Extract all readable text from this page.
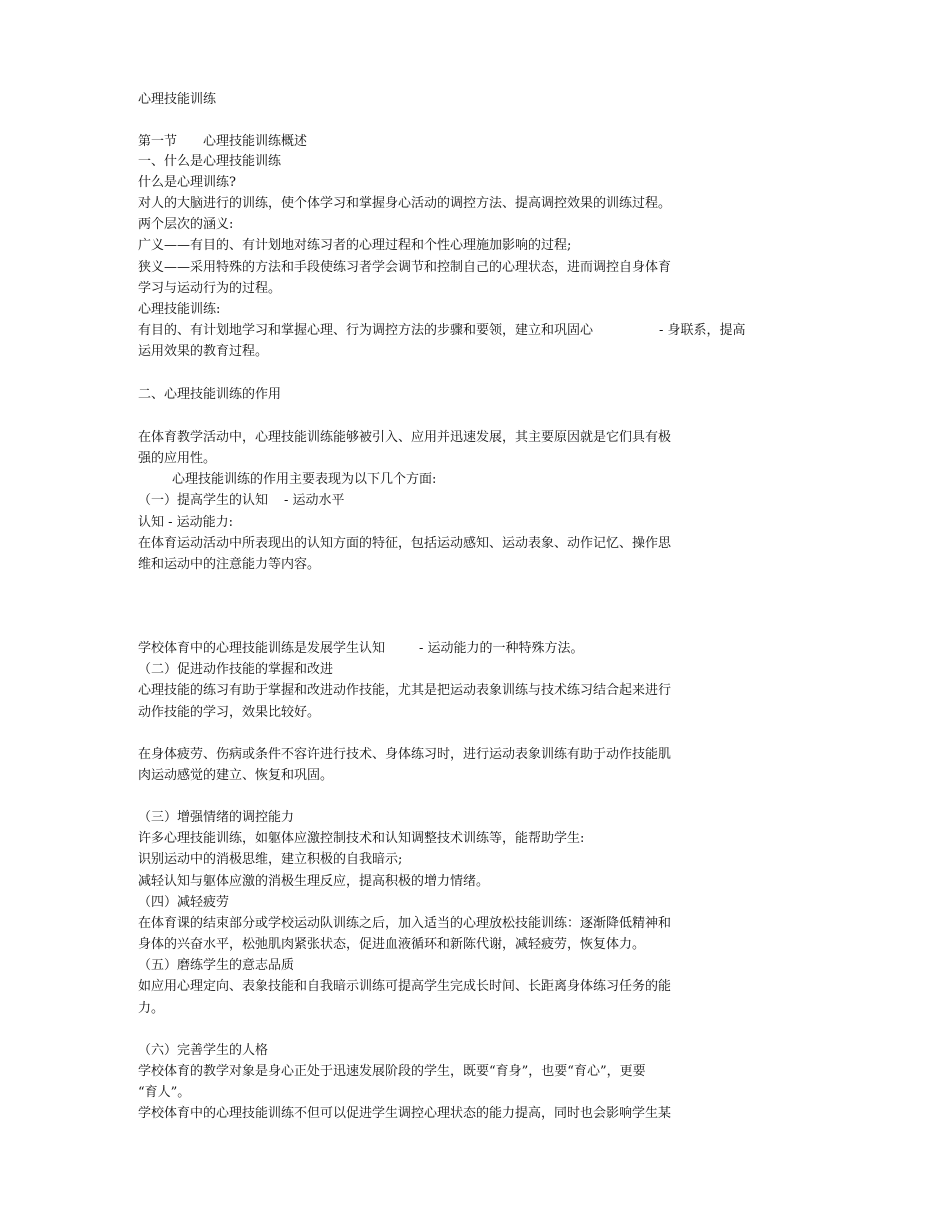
心理技能训练

第一节 心理技能训练概述

一、什么是心理技能训练

什么是心理训练?

对人的大脑进行的训练，使个体学习和掌握身心活动的调控方法、提高调控效果的训练过程。

两个层次的涵义:

广义——有目的、有计划地对练习者的心理过程和个性心理施加影响的过程;

狭义——采用特殊的方法和手段使练习者学会调节和控制自己的心理状态，进而调控自身体育

学习与运动行为的过程。

心理技能训练:

有目的、有计划地学习和掌握心理、行为调控方法的步骤和要领，建立和巩固心	- 身联系，提高

运用效果的教育过程。

二、心理技能训练的作用

在体育教学活动中，心理技能训练能够被引入、应用并迅速发展，其主要原因就是它们具有极

强的应用性。

心理技能训练的作用主要表现为以下几个方面:

（一）提高学生的认知 - 运动水平

认知 - 运动能力:

在体育运动活动中所表现出的认知方面的特征，包括运动感知、运动表象、动作记忆、操作思

维和运动中的注意能力等内容。

学校体育中的心理技能训练是发展学生认知	- 运动能力的一种特殊方法。

（二）促进动作技能的掌握和改进

心理技能的练习有助于掌握和改进动作技能，尤其是把运动表象训练与技术练习结合起来进行

动作技能的学习，效果比较好。

在身体疲劳、伤病或条件不容许进行技术、身体练习时，进行运动表象训练有助于动作技能肌

肉运动感觉的建立、恢复和巩固。

（三）增强情绪的调控能力

许多心理技能训练，如躯体应激控制技术和认知调整技术训练等，能帮助学生:

识别运动中的消极思维，建立积极的自我暗示;

减轻认知与躯体应激的消极生理反应，提高积极的增力情绪。

（四）减轻疲劳

在体育课的结束部分或学校运动队训练之后，加入适当的心理放松技能训练：逐渐降低精神和

身体的兴奋水平，松弛肌肉紧张状态，促进血液循环和新陈代谢，减轻疲劳，恢复体力。

（五）磨练学生的意志品质

如应用心理定向、表象技能和自我暗示训练可提高学生完成长时间、长距离身体练习任务的能

力。

（六）完善学生的人格

学校体育的教学对象是身心正处于迅速发展阶段的学生，既要“育身”，也要“育心”，更要

“育人”。

学校体育中的心理技能训练不但可以促进学生调控心理状态的能力提高，同时也会影响学生某
